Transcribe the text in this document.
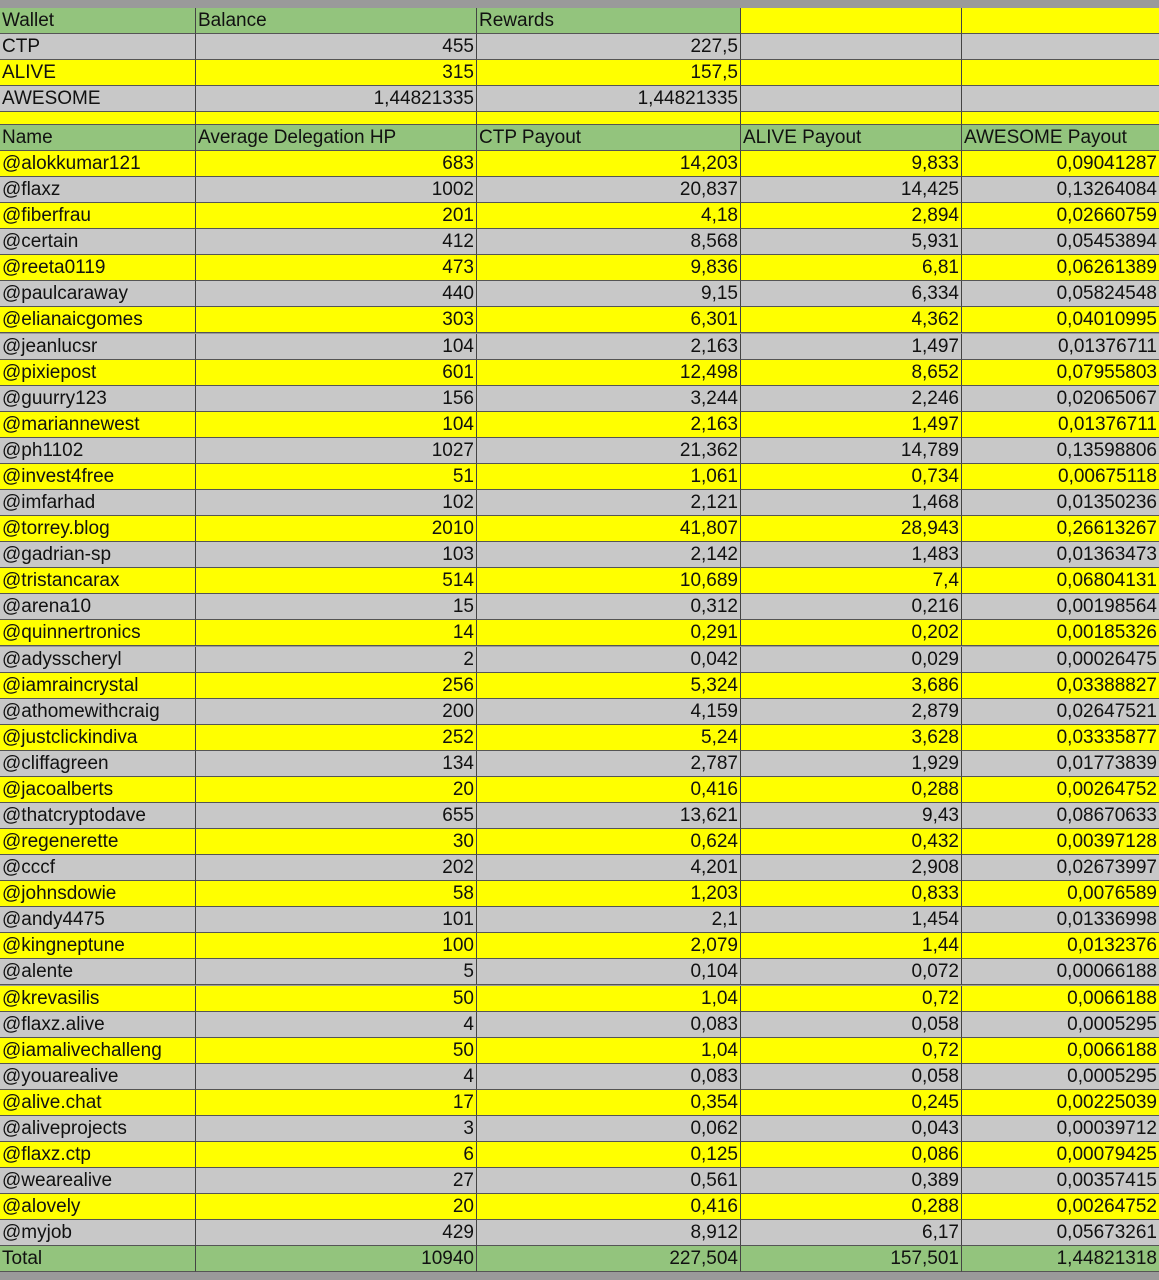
Wallet	Balance	Rewards
CTP	455	227,5
ALIVE	315	157,5
AWESOME	1,44821335	1,44821335
Name	Average Delegation HP	CTP Payout	ALIVE Payout	AWESOME Payout
@alokkumar121	683	14,203	9,833	0,09041287
@flaxz	1002	20,837	14,425	0,13264084
@fiberfrau	201	4,18	2,894	0,02660759
@certain	412	8,568	5,931	0,05453894
@reeta0119	473	9,836	6,81	0,06261389
@paulcaraway	440	9,15	6,334	0,05824548
@elianaicgomes	303	6,301	4,362	0,04010995
@jeanlucsr	104	2,163	1,497	0,01376711
@pixiepost	601	12,498	8,652	0,07955803
@guurry123	156	3,244	2,246	0,02065067
@mariannewest	104	2,163	1,497	0,01376711
@ph1102	1027	21,362	14,789	0,13598806
@invest4free	51	1,061	0,734	0,00675118
@imfarhad	102	2,121	1,468	0,01350236
@torrey.blog	2010	41,807	28,943	0,26613267
@gadrian-sp	103	2,142	1,483	0,01363473
@tristancarax	514	10,689	7,4	0,06804131
@arena10	15	0,312	0,216	0,00198564
@quinnertronics	14	0,291	0,202	0,00185326
@adysscheryl	2	0,042	0,029	0,00026475
@iamraincrystal	256	5,324	3,686	0,03388827
@athomewithcraig	200	4,159	2,879	0,02647521
@justclickindiva	252	5,24	3,628	0,03335877
@cliffagreen	134	2,787	1,929	0,01773839
@jacoalberts	20	0,416	0,288	0,00264752
@thatcryptodave	655	13,621	9,43	0,08670633
@regenerette	30	0,624	0,432	0,00397128
@cccf	202	4,201	2,908	0,02673997
@johnsdowie	58	1,203	0,833	0,0076589
@andy4475	101	2,1	1,454	0,01336998
@kingneptune	100	2,079	1,44	0,0132376
@alente	5	0,104	0,072	0,00066188
@krevasilis	50	1,04	0,72	0,0066188
@flaxz.alive	4	0,083	0,058	0,0005295
@iamalivechalleng	50	1,04	0,72	0,0066188
@youarealive	4	0,083	0,058	0,0005295
@alive.chat	17	0,354	0,245	0,00225039
@aliveprojects	3	0,062	0,043	0,00039712
@flaxz.ctp	6	0,125	0,086	0,00079425
@wearealive	27	0,561	0,389	0,00357415
@alovely	20	0,416	0,288	0,00264752
@myjob	429	8,912	6,17	0,05673261
Total	10940	227,504	157,501	1,44821318
